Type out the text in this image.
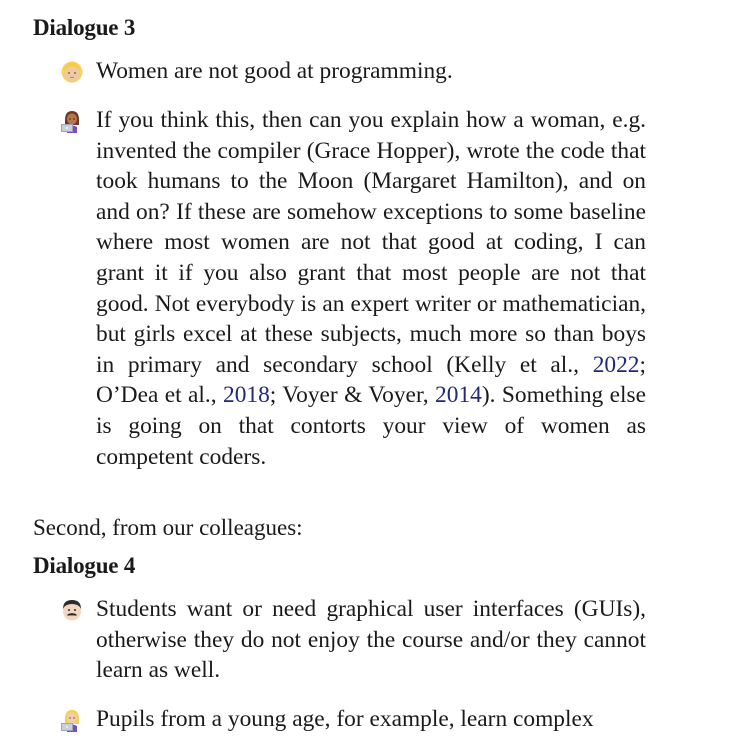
Dialogue 3
Women are not good at programming.
If you think this, then can you explain how a woman, e.g. invented the compiler (Grace Hopper), wrote the code that took humans to the Moon (Margaret Hamilton), and on and on? If these are somehow exceptions to some baseline where most women are not that good at coding, I can grant it if you also grant that most people are not that good. Not everybody is an expert writer or mathematician, but girls excel at these subjects, much more so than boys in primary and secondary school (Kelly et al., 2022; O’Dea et al., 2018; Voyer & Voyer, 2014). Something else is going on that contorts your view of women as competent coders.
Second, from our colleagues:
Dialogue 4
Students want or need graphical user interfaces (GUIs), otherwise they do not enjoy the course and/or they cannot learn as well.
Pupils from a young age, for example, learn complex
